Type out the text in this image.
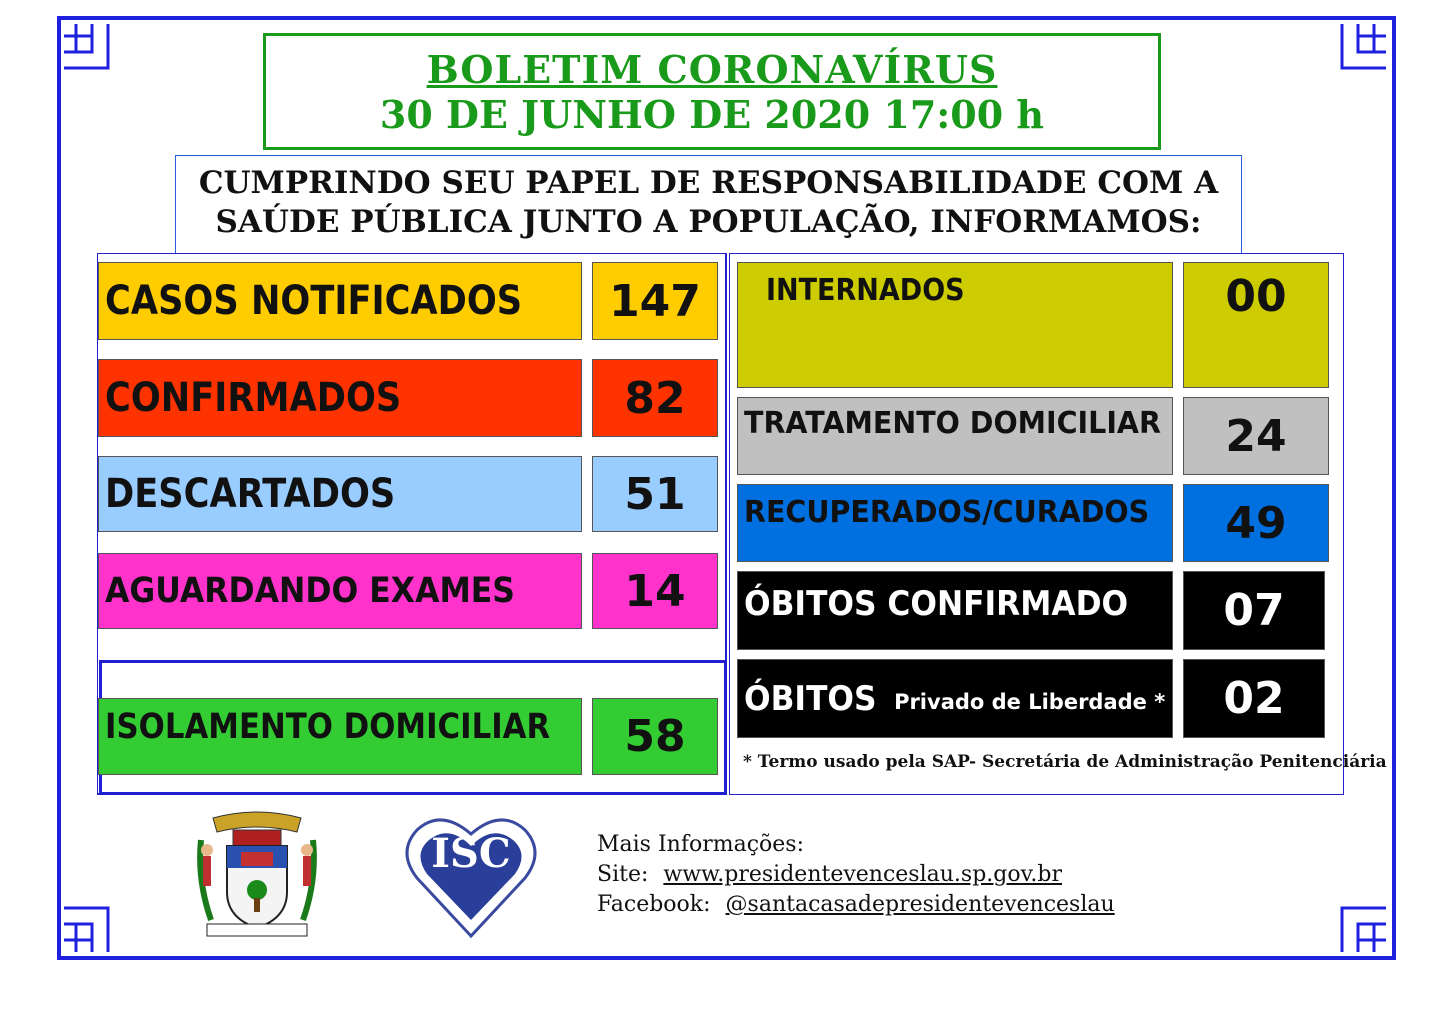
BOLETIM CORONAVÍRUS
30 DE JUNHO DE 2020 17:00 h
CUMPRINDO SEU PAPEL DE RESPONSABILIDADE COM A
SAÚDE PÚBLICA JUNTO A POPULAÇÃO, INFORMAMOS:
CASOS NOTIFICADOS	147
CONFIRMADOS	82
DESCARTADOS	51
AGUARDANDO EXAMES	14
ISOLAMENTO DOMICILIAR	58
INTERNADOS	00
TRATAMENTO DOMICILIAR	24
RECUPERADOS/CURADOS	49
ÓBITOS CONFIRMADO	07
ÓBITOS Privado de Liberdade *	02
* Termo usado pela SAP- Secretária de Administração Penitenciária
ISC	Mais Informações:
Site: www.presidentevenceslau.sp.gov.br
Facebook: @santacasadepresidentevenceslau
